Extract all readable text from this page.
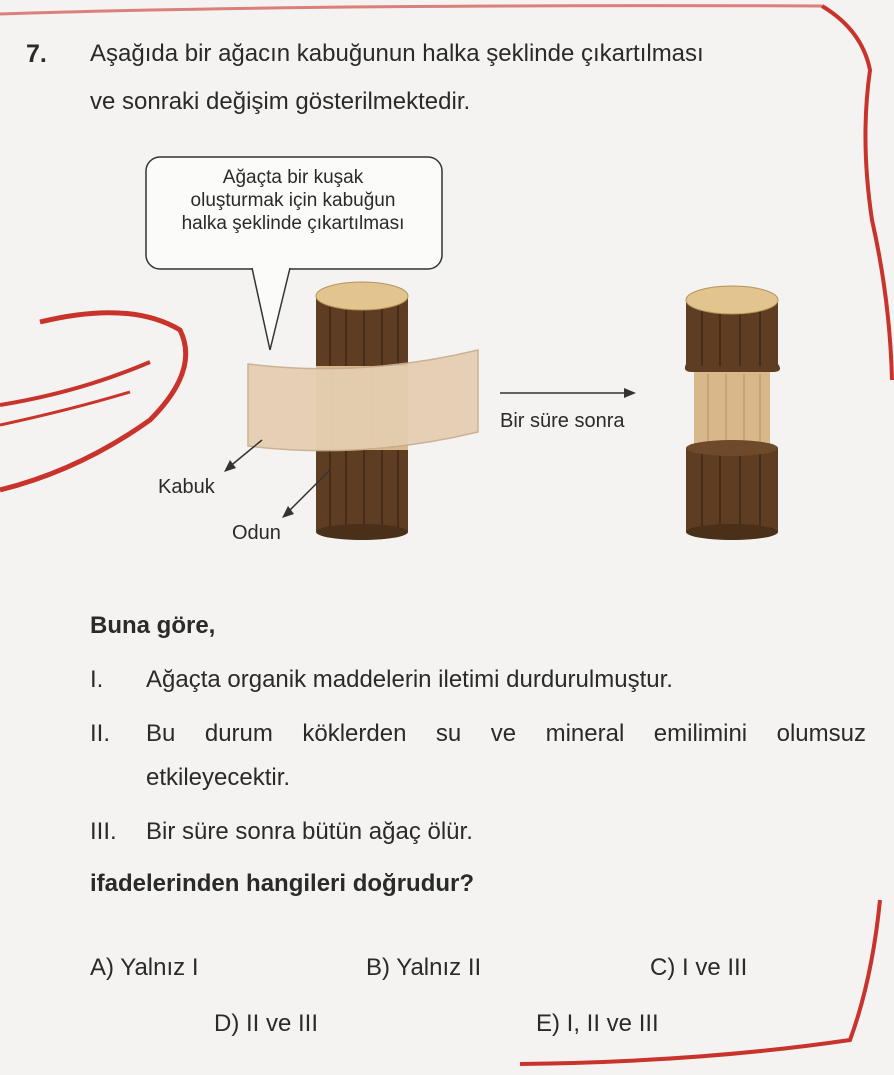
7. Aşağıda bir ağacın kabuğunun halka şeklinde çıkartılması
ve sonraki değişim gösterilmektedir.
Ağaçta bir kuşak
oluşturmak için kabuğun
halka şeklinde çıkartılması
Kabuk
Odun
Bir süre sonra
Buna göre,
I. Ağaçta organik maddelerin iletimi durdurulmuştur.
II. Bu durum köklerden su ve mineral emilimini olumsuz
etkileyecektir.
III. Bir süre sonra bütün ağaç ölür.
ifadelerinden hangileri doğrudur?
A) Yalnız I	B) Yalnız II	C) I ve III
D) II ve III	E) I, II ve III
